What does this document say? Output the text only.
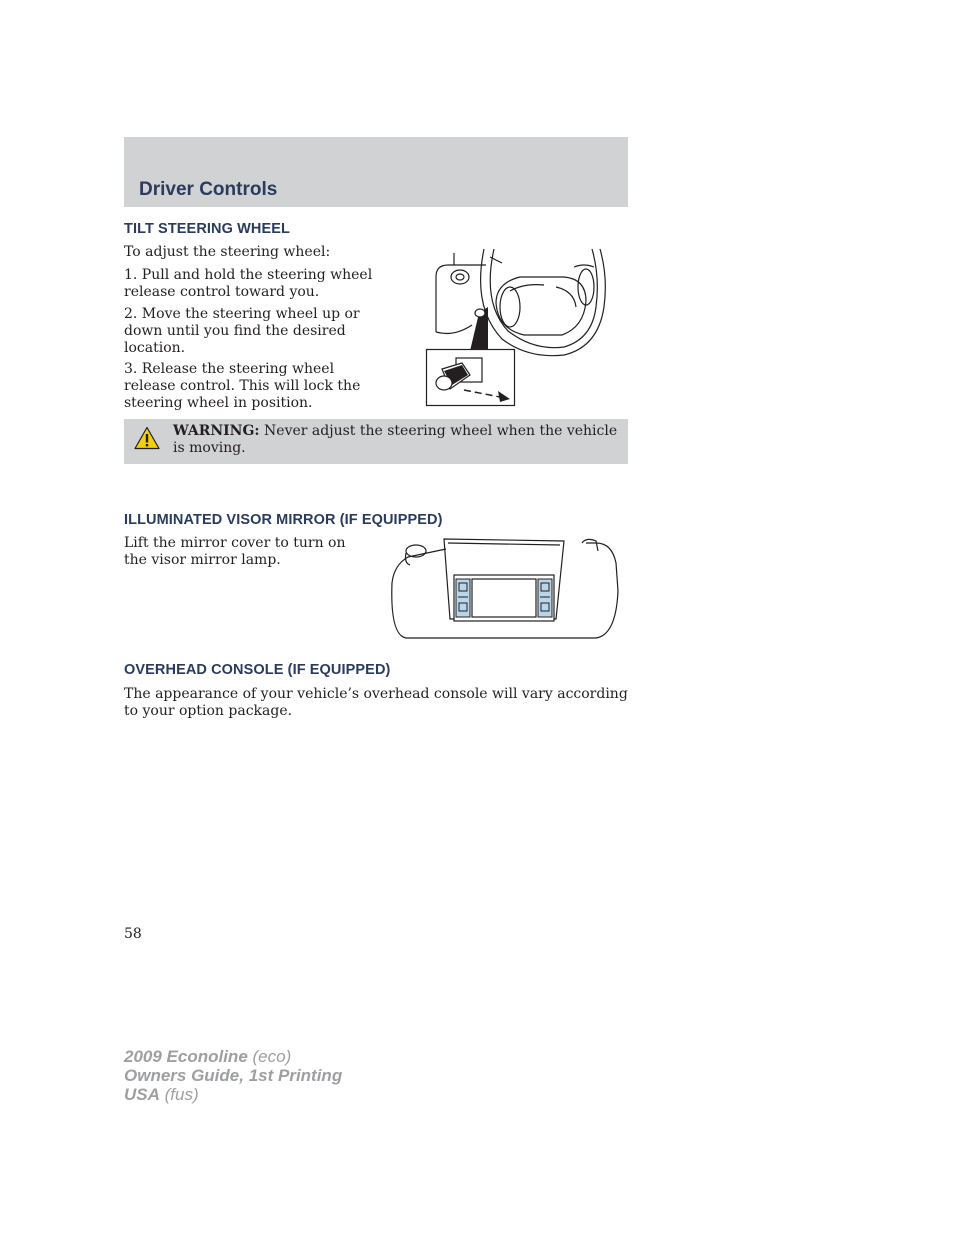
Driver Controls
TILT STEERING WHEEL

To adjust the steering wheel:

1. Pull and hold the steering wheel release control toward you.

2. Move the steering wheel up or down until you find the desired location.

3. Release the steering wheel release control. This will lock the steering wheel in position.

WARNING: Never adjust the steering wheel when the vehicle is moving.

ILLUMINATED VISOR MIRROR (IF EQUIPPED)

Lift the mirror cover to turn on the visor mirror lamp.

OVERHEAD CONSOLE (IF EQUIPPED)

The appearance of your vehicle’s overhead console will vary according to your option package.

58
2009 Econoline (eco)
Owners Guide, 1st Printing
USA (fus)
